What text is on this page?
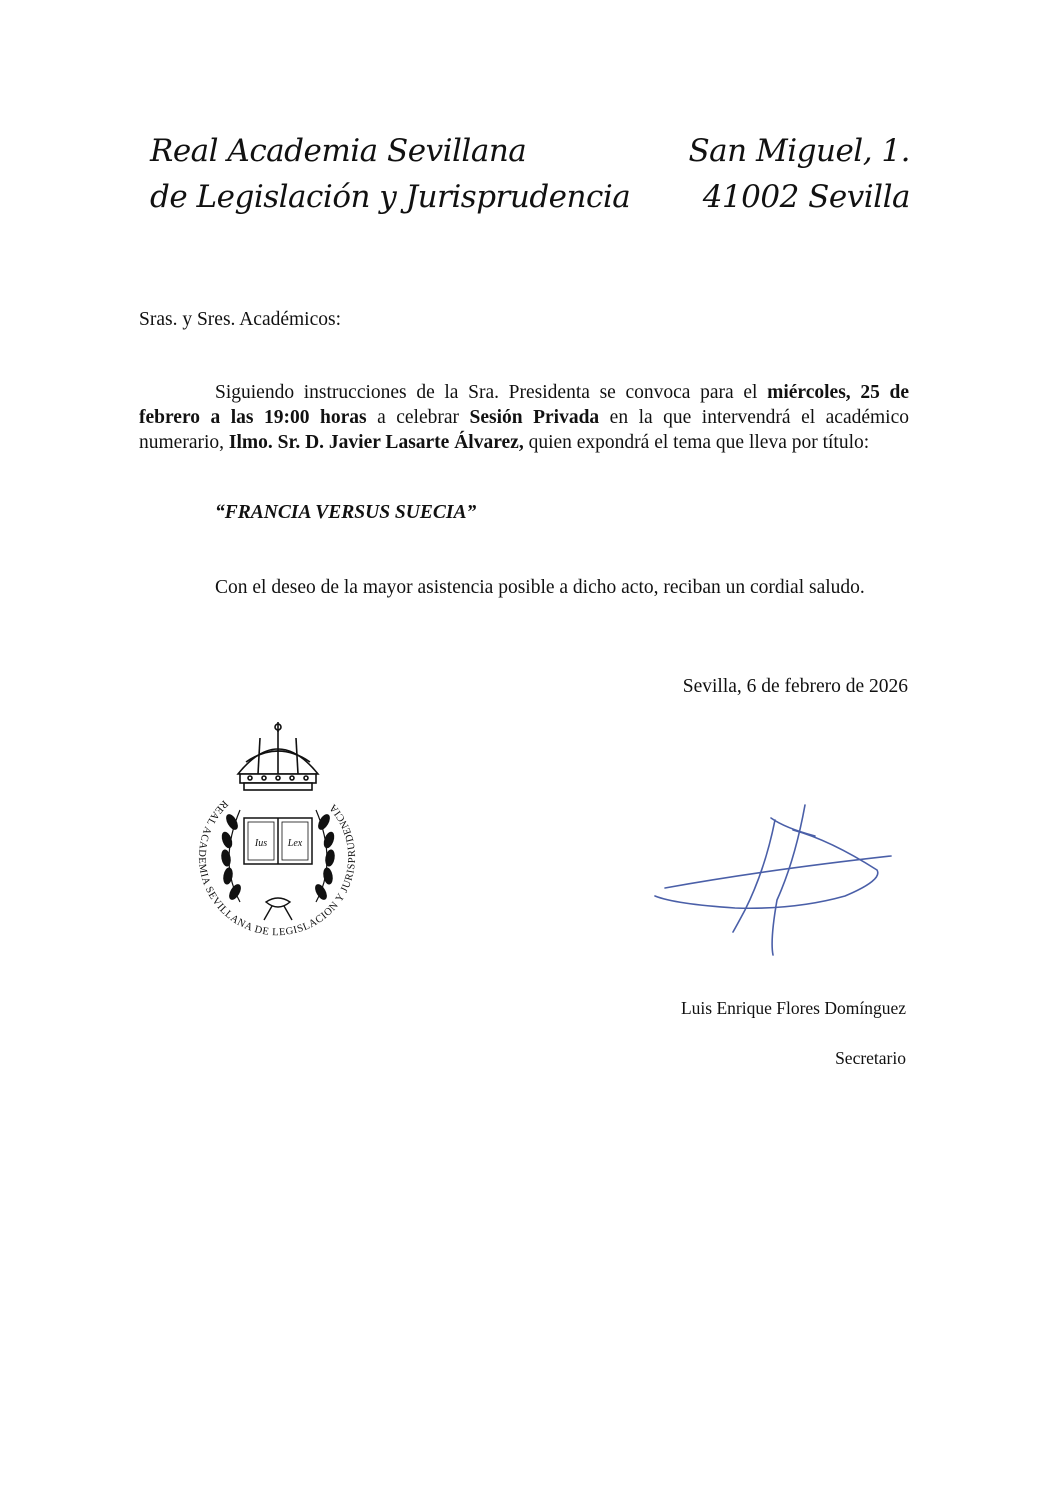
Real Academia Sevillana
de Legislación y Jurisprudencia
San Miguel, 1.
41002 Sevilla
Sras. y Sres. Académicos:
Siguiendo instrucciones de la Sra. Presidenta se convoca para el miércoles, 25 de febrero a las 19:00 horas a celebrar Sesión Privada en la que intervendrá el académico numerario, Ilmo. Sr. D. Javier Lasarte Álvarez, quien expondrá el tema que lleva por título:
“FRANCIA VERSUS SUECIA”
Con el deseo de la mayor asistencia posible a dicho acto, reciban un cordial saludo.
Sevilla, 6 de febrero de 2026
REAL ACADEMIA SEVILLANA DE LEGISLACION Y JURISPRUDENCIA
Ius Lex
Luis Enrique Flores Domínguez
Secretario
